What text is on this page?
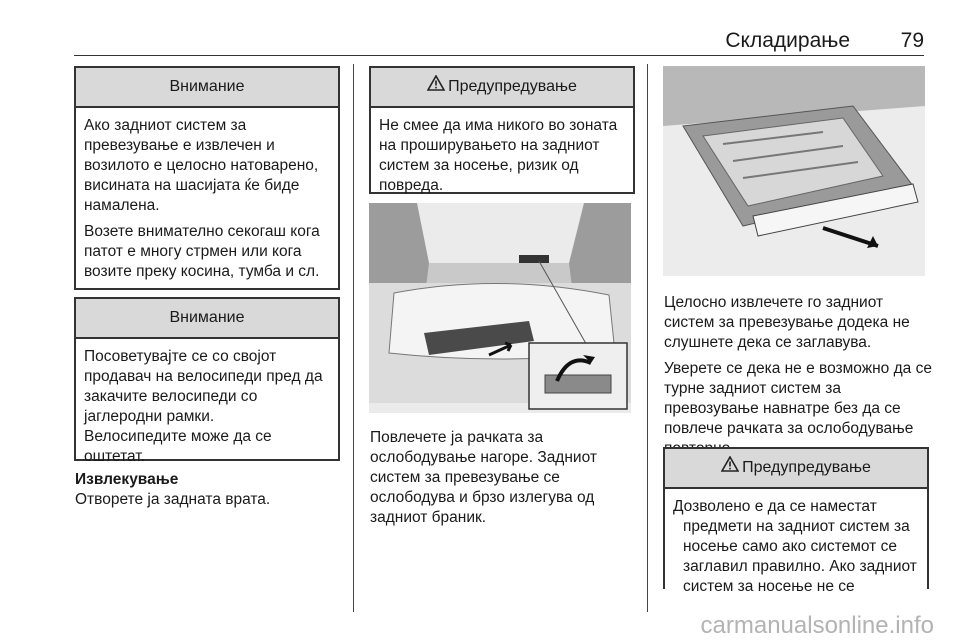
Складирање 79
Внимание

Ако задниот систем за превезување е извлечен и возилото е целосно натоварено, висината на шасијата ќе биде намалена.

Возете внимателно секогаш кога патот е многу стрмен или кога возите преку косина, тумба и сл.

Внимание
Посоветувајте се со својот продавач на велосипеди пред да закачите велосипеди со јаглеродни рамки.
Велосипедите може да се оштетат.
Извлекување
Отворете ја задната врата.
Предупредување
Не смее да има никого во зоната на проширувањето на задниот систем за носење, ризик од повреда.
Повлечете ја рачката за ослободување нагоре. Задниот систем за превезување се ослободува и брзо излегува од задниот браник.

Целосно извлечете го задниот систем за превезување додека не слушнете дека се заглавува.

Уверете се дека не е возможно да се турне задниот систем за превозување навнатре без да се повлече рачката за ослободување

Предупредување
Дозволено е да се наместат
предмети на задниот систем за носење само ако системот се заглавил правилно. Ако задниот систем за носење не се
carmanualsonline.info
